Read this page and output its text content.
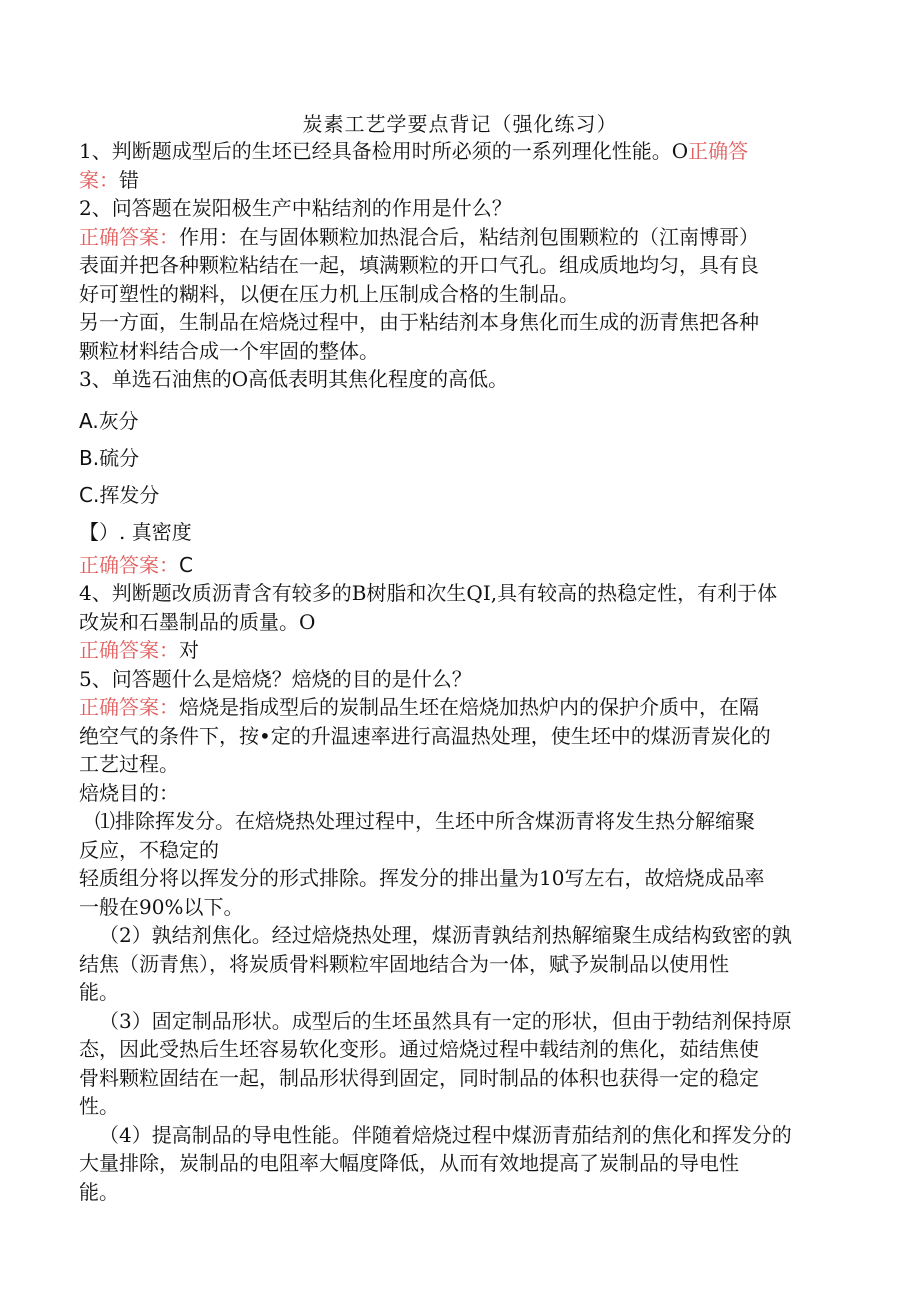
炭素工艺学要点背记（强化练习）
1、判断题成型后的生坯已经具备检用时所必须的一系列理化性能。O正确答
案：错
2、问答题在炭阳极生产中粘结剂的作用是什么？
正确答案：作用：在与固体颗粒加热混合后，粘结剂包围颗粒的（江南博哥）
表面并把各种颗粒粘结在一起，填满颗粒的开口气孔。组成质地均匀，具有良
好可塑性的糊料，以便在压力机上压制成合格的生制品。
另一方面，生制品在焙烧过程中，由于粘结剂本身焦化而生成的沥青焦把各种
颗粒材料结合成一个牢固的整体。
3、单选石油焦的O高低表明其焦化程度的高低。
A.灰分
B.硫分
C.挥发分
【）. 真密度
正确答案：C
4、判断题改质沥青含有较多的B树脂和次生QI,具有较高的热稳定性，有利于体
改炭和石墨制品的质量。O
正确答案：对
5、问答题什么是焙烧？焙烧的目的是什么？
正确答案：焙烧是指成型后的炭制品生坯在焙烧加热炉内的保护介质中，在隔
绝空气的条件下，按•定的升温速率进行高温热处理，使生坯中的煤沥青炭化的
工艺过程。
焙烧目的：
⑴排除挥发分。在焙烧热处理过程中，生坯中所含煤沥青将发生热分解缩聚
反应，不稳定的
轻质组分将以挥发分的形式排除。挥发分的排出量为10写左右，故焙烧成品率
一般在90%以下。
（2）孰结剂焦化。经过焙烧热处理，煤沥青孰结剂热解缩聚生成结构致密的孰
结焦（沥青焦），将炭质骨料颗粒牢固地结合为一体，赋予炭制品以使用性
能。
（3）固定制品形状。成型后的生坯虽然具有一定的形状，但由于勃结剂保持原
态，因此受热后生坯容易软化变形。通过焙烧过程中载结剂的焦化，茹结焦使
骨料颗粒固结在一起，制品形状得到固定，同时制品的体积也获得一定的稳定
性。
（4）提高制品的导电性能。伴随着焙烧过程中煤沥青茄结剂的焦化和挥发分的
大量排除，炭制品的电阻率大幅度降低，从而有效地提高了炭制品的导电性
能。
